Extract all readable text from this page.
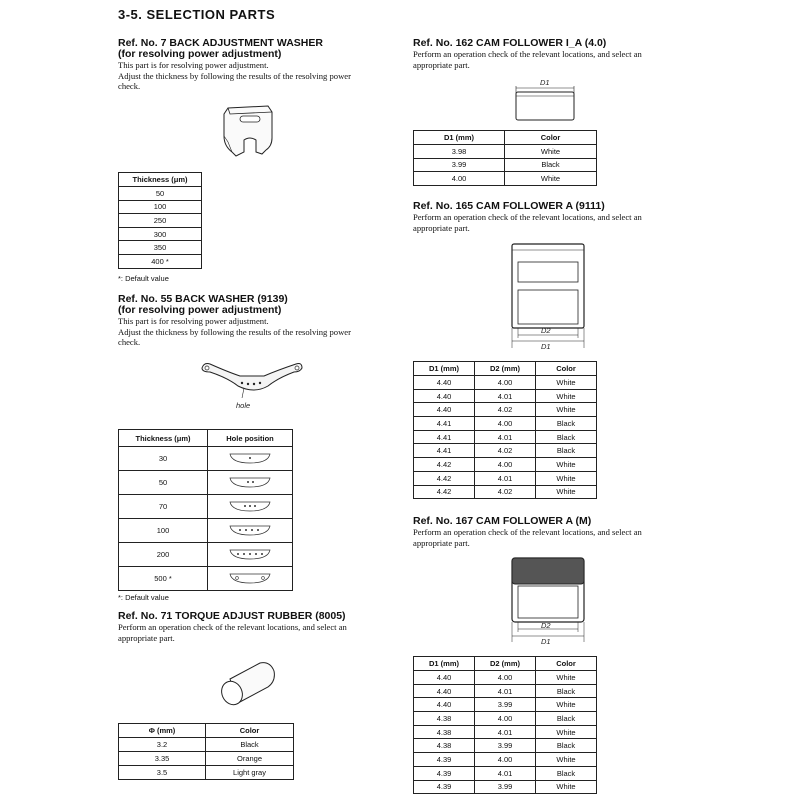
3-5. SELECTION PARTS
Ref. No. 7 BACK ADJUSTMENT WASHER
(for resolving power adjustment)
This part is for resolving power adjustment.
Adjust the thickness by following the results of the resolving power
check.
Thickness (μm)
50
100
250
300
350
400 *
*: Default value
Ref. No. 55 BACK WASHER (9139)
(for resolving power adjustment)
This part is for resolving power adjustment.
Adjust the thickness by following the results of the resolving power
check.
hole
Thickness (μm)	Hole position
30	
50	
70	
100	
200	
500 *	
*: Default value
Ref. No. 71 TORQUE ADJUST RUBBER (8005)
Perform an operation check of the relevant locations, and select an
appropriate part.
Φ (mm)	Color
3.2	Black
3.35	Orange
3.5	Light gray
Ref. No. 162 CAM FOLLOWER I_A (4.0)
Perform an operation check of the relevant locations, and select an
appropriate part.
D1
D1 (mm)	Color
3.98	White
3.99	Black
4.00	White
Ref. No. 165 CAM FOLLOWER A (9111)
Perform an operation check of the relevant locations, and select an
appropriate part.
D2
D1
D1 (mm)	D2 (mm)	Color
4.40	4.00	White
4.40	4.01	White
4.40	4.02	White
4.41	4.00	Black
4.41	4.01	Black
4.41	4.02	Black
4.42	4.00	White
4.42	4.01	White
4.42	4.02	White
Ref. No. 167 CAM FOLLOWER A (M)
Perform an operation check of the relevant locations, and select an
appropriate part.
D2
D1
D1 (mm)	D2 (mm)	Color
4.40	4.00	White
4.40	4.01	Black
4.40	3.99	White
4.38	4.00	Black
4.38	4.01	White
4.38	3.99	Black
4.39	4.00	White
4.39	4.01	Black
4.39	3.99	White
